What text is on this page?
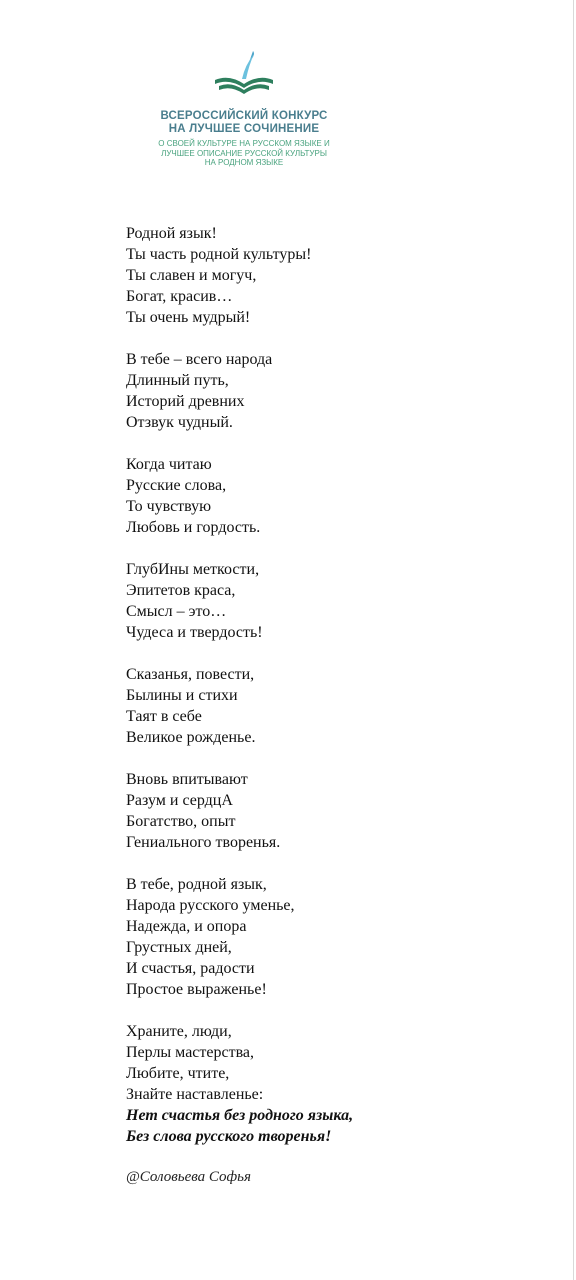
ВСЕРОССИЙСКИЙ КОНКУРС
НА ЛУЧШЕЕ СОЧИНЕНИЕ
О СВОЕЙ КУЛЬТУРЕ НА РУССКОМ ЯЗЫКЕ И
ЛУЧШЕЕ ОПИСАНИЕ РУССКОЙ КУЛЬТУРЫ
НА РОДНОМ ЯЗЫКЕ
Родной язык!
Ты часть родной культуры!
Ты славен и могуч,
Богат, красив…
Ты очень мудрый!
В тебе – всего народа
Длинный путь,
Историй древних
Отзвук чудный.
Когда читаю
Русские слова,
То чувствую
Любовь и гордость.
ГлубИны меткости,
Эпитетов краса,
Смысл – это…
Чудеса и твердость!
Сказанья, повести,
Былины и стихи
Таят в себе
Великое рожденье.
Вновь впитывают
Разум и сердцА
Богатство, опыт
Гениального творенья.
В тебе, родной язык,
Народа русского уменье,
Надежда, и опора
Грустных дней,
И счастья, радости
Простое выраженье!
Храните, люди,
Перлы мастерства,
Любите, чтите,
Знайте наставленье:
Нет счастья без родного языка,
Без слова русского творенья!
@Соловьева Софья
